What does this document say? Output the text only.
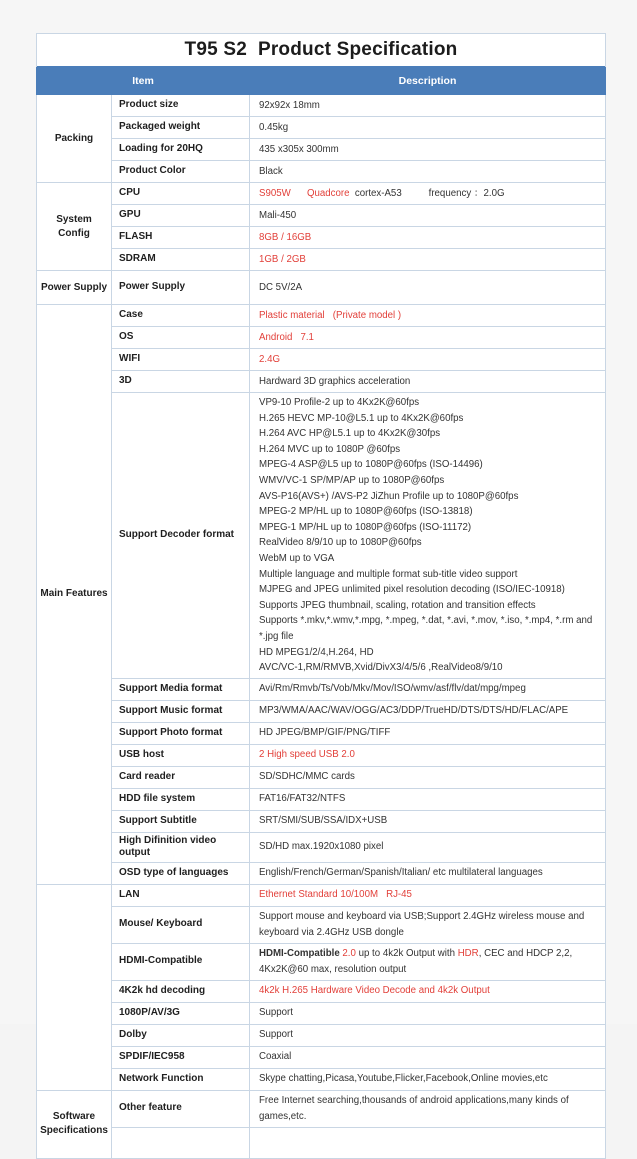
T95 S2  Product Specification		
Item		Description
Packing	Product size	92x92x 18mm
	Packaged weight	0.45kg
	Loading for 20HQ	435 x305x 300mm
	Product Color	Black
System Config	CPU	S905W Quadcore  cortex-A53          frequency ：2.0G
	GPU	Mali-450
	FLASH	8GB / 16GB
	SDRAM	1GB / 2GB
Power Supply	Power Supply	DC 5V/2A
Main Features	Case	Plastic material   (Private model )
	OS	Android   7.1
	WIFI	2.4G
	3D	Hardward 3D graphics acceleration
Support Decoder format	VP9-10 Profile-2 up to 4Kx2K@60fps
H.265 HEVC MP-10@L5.1 up to 4Kx2K@60fps
H.264 AVC HP@L5.1 up to 4Kx2K@30fps
H.264 MVC up to 1080P @60fps
MPEG-4 ASP@L5 up to 1080P@60fps (ISO-14496)
WMV/VC-1 SP/MP/AP up to 1080P@60fps
AVS-P16(AVS+) /AVS-P2 JiZhun Profile up to 1080P@60fps
MPEG-2 MP/HL up to 1080P@60fps (ISO-13818)
MPEG-1 MP/HL up to 1080P@60fps (ISO-11172)
RealVideo 8/9/10 up to 1080P@60fps
WebM up to VGA
Multiple language and multiple format sub-title video support
MJPEG and JPEG unlimited pixel resolution decoding (ISO/IEC-10918)
Supports JPEG thumbnail, scaling, rotation and transition effects
Supports *.mkv,*.wmv,*.mpg, *.mpeg, *.dat, *.avi, *.mov, *.iso, *.mp4, *.rm and
*.jpg file
HD MPEG1/2/4,H.264, HD
AVC/VC-1,RM/RMVB,Xvid/DivX3/4/5/6 ,RealVideo8/9/10
	Support Media format	Avi/Rm/Rmvb/Ts/Vob/Mkv/Mov/ISO/wmv/asf/flv/dat/mpg/mpeg
	Support Music format	MP3/WMA/AAC/WAV/OGG/AC3/DDP/TrueHD/DTS/DTS/HD/FLAC/APE
	Support Photo format	HD JPEG/BMP/GIF/PNG/TIFF
	USB host	2 High speed USB 2.0
	Card reader	SD/SDHC/MMC cards
	HDD file system	FAT16/FAT32/NTFS
	Support Subtitle	SRT/SMI/SUB/SSA/IDX+USB
	High Difinition video output	SD/HD max.1920x1080 pixel
	OSD type of languages	English/French/German/Spanish/Italian/ etc multilateral languages
	LAN	Ethernet Standard 10/100M   RJ-45
	Mouse/ Keyboard	Support mouse and keyboard via USB;Support 2.4GHz wireless mouse and keyboard via 2.4GHz USB dongle
	HDMI-Compatible	HDMI-Compatible 2.0 up to 4k2k Output with HDR, CEC and HDCP 2,2,
4Kx2K@60 max, resolution output
	4K2k hd decoding	4k2k H.265 Hardware Video Decode and 4k2k Output
	1080P/AV/3G	Support
	Dolby	Support
	SPDIF/IEC958	Coaxial
	Network Function	Skype chatting,Picasa,Youtube,Flicker,Facebook,Online movies,etc
Software Specifications	Other feature	Free Internet searching,thousands of android applications,many kinds of games,etc.
